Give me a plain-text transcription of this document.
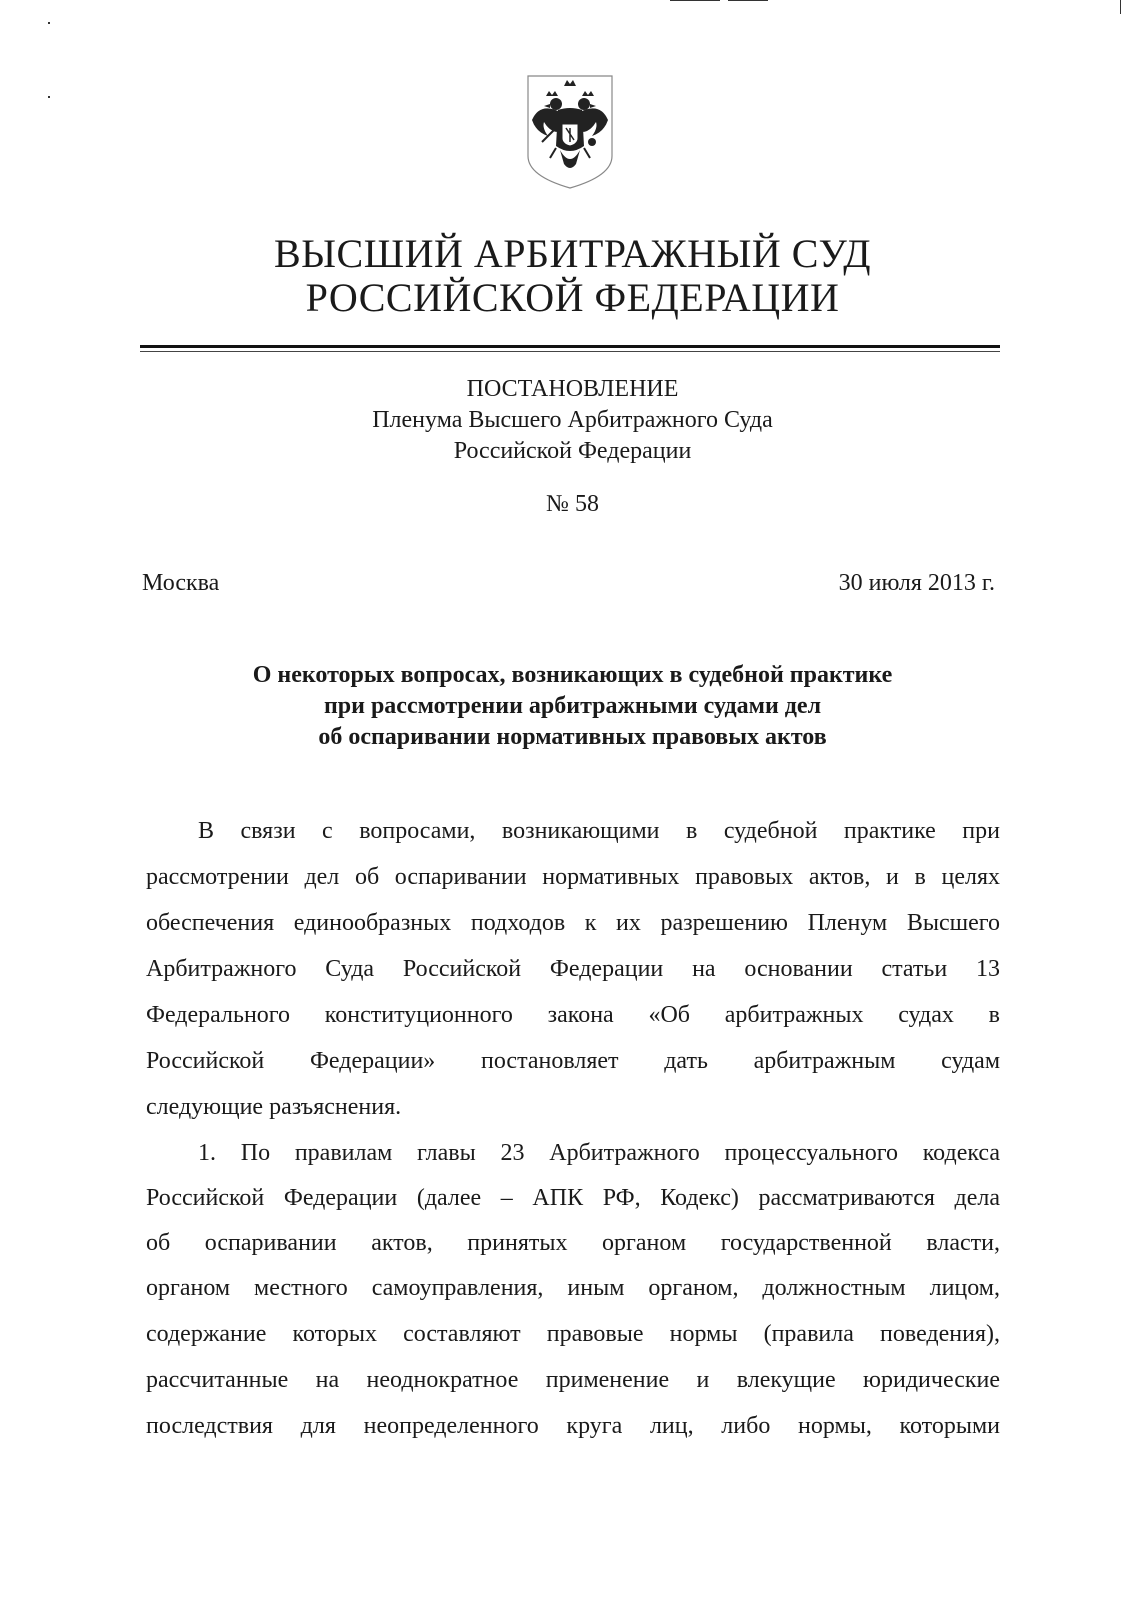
ВЫСШИЙ АРБИТРАЖНЫЙ СУД
РОССИЙСКОЙ ФЕДЕРАЦИИ
ПОСТАНОВЛЕНИЕ
Пленума Высшего Арбитражного Суда
Российской Федерации
№ 58
Москва	30 июля 2013 г.
О некоторых вопросах, возникающих в судебной практике
при рассмотрении арбитражными судами дел
об оспаривании нормативных правовых актов
В связи с вопросами, возникающими в судебной практике при
рассмотрении дел об оспаривании нормативных правовых актов, и в целях
обеспечения единообразных подходов к их разрешению Пленум Высшего
Арбитражного Суда Российской Федерации на основании статьи 13
Федерального конституционного закона «Об арбитражных судах в
Российской Федерации» постановляет дать арбитражным судам
следующие разъяснения.
1. По правилам главы 23 Арбитражного процессуального кодекса
Российской Федерации (далее – АПК РФ, Кодекс) рассматриваются дела
об оспаривании актов, принятых органом государственной власти,
органом местного самоуправления, иным органом, должностным лицом,
содержание которых составляют правовые нормы (правила поведения),
рассчитанные на неоднократное применение и влекущие юридические
последствия для неопределенного круга лиц, либо нормы, которыми
